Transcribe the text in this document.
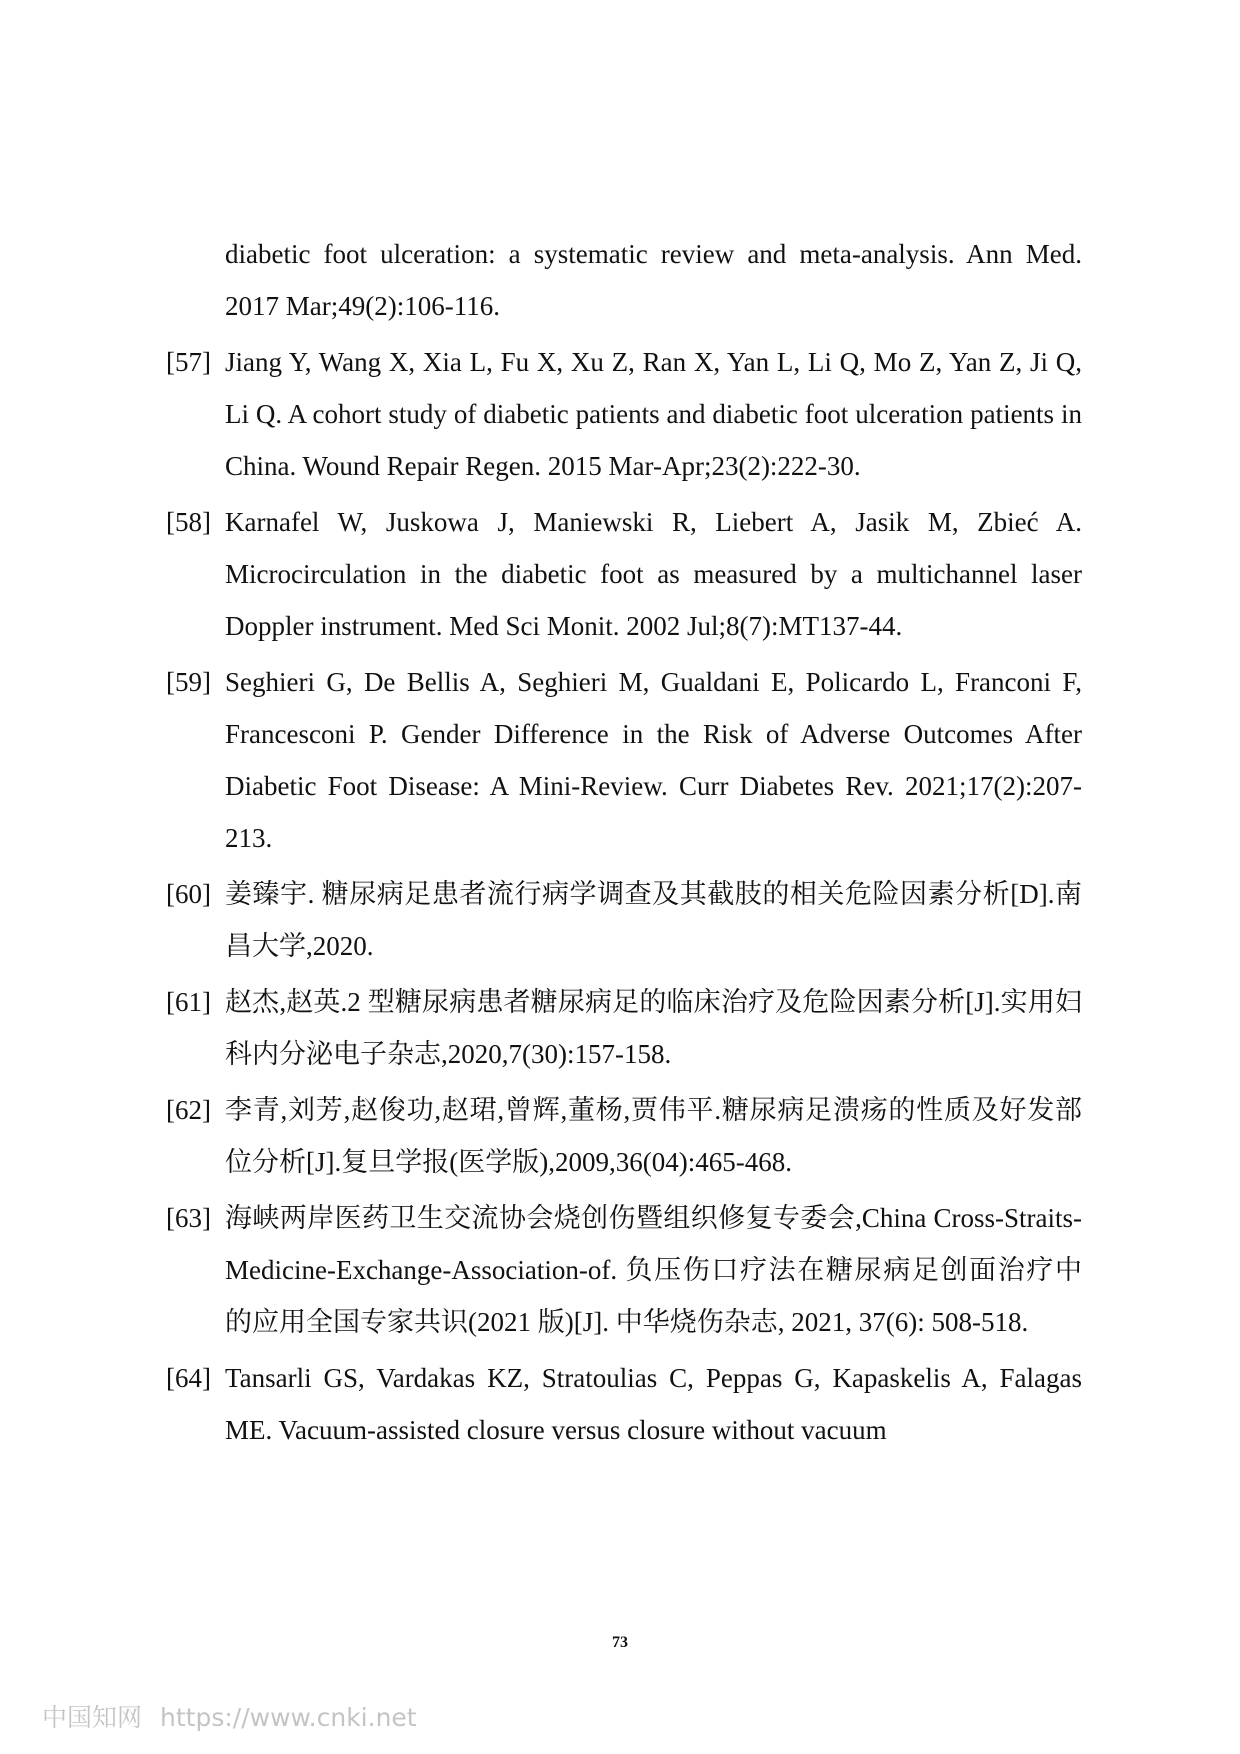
diabetic foot ulceration: a systematic review and meta-analysis. Ann Med. 2017 Mar;49(2):106-116.
[57] Jiang Y, Wang X, Xia L, Fu X, Xu Z, Ran X, Yan L, Li Q, Mo Z, Yan Z, Ji Q, Li Q. A cohort study of diabetic patients and diabetic foot ulceration patients in China. Wound Repair Regen. 2015 Mar-Apr;23(2):222-30.
[58] Karnafel W, Juskowa J, Maniewski R, Liebert A, Jasik M, Zbieć A. Microcirculation in the diabetic foot as measured by a multichannel laser Doppler instrument. Med Sci Monit. 2002 Jul;8(7):MT137-44.
[59] Seghieri G, De Bellis A, Seghieri M, Gualdani E, Policardo L, Franconi F, Francesconi P. Gender Difference in the Risk of Adverse Outcomes After Diabetic Foot Disease: A Mini-Review. Curr Diabetes Rev. 2021;17(2):207-213.
[60] 姜臻宇. 糖尿病足患者流行病学调查及其截肢的相关危险因素分析[D].南昌大学,2020.
[61] 赵杰,赵英.2 型糖尿病患者糖尿病足的临床治疗及危险因素分析[J].实用妇科内分泌电子杂志,2020,7(30):157-158.
[62] 李青,刘芳,赵俊功,赵珺,曾辉,董杨,贾伟平.糖尿病足溃疡的性质及好发部位分析[J].复旦学报(医学版),2009,36(04):465-468.
[63] 海峡两岸医药卫生交流协会烧创伤暨组织修复专委会,China Cross-Straits-Medicine-Exchange-Association-of. 负压伤口疗法在糖尿病足创面治疗中的应用全国专家共识(2021 版)[J]. 中华烧伤杂志, 2021, 37(6): 508-518.
[64] Tansarli GS, Vardakas KZ, Stratoulias C, Peppas G, Kapaskelis A, Falagas ME. Vacuum-assisted closure versus closure without vacuum
73
中国知网 https://www.cnki.net
